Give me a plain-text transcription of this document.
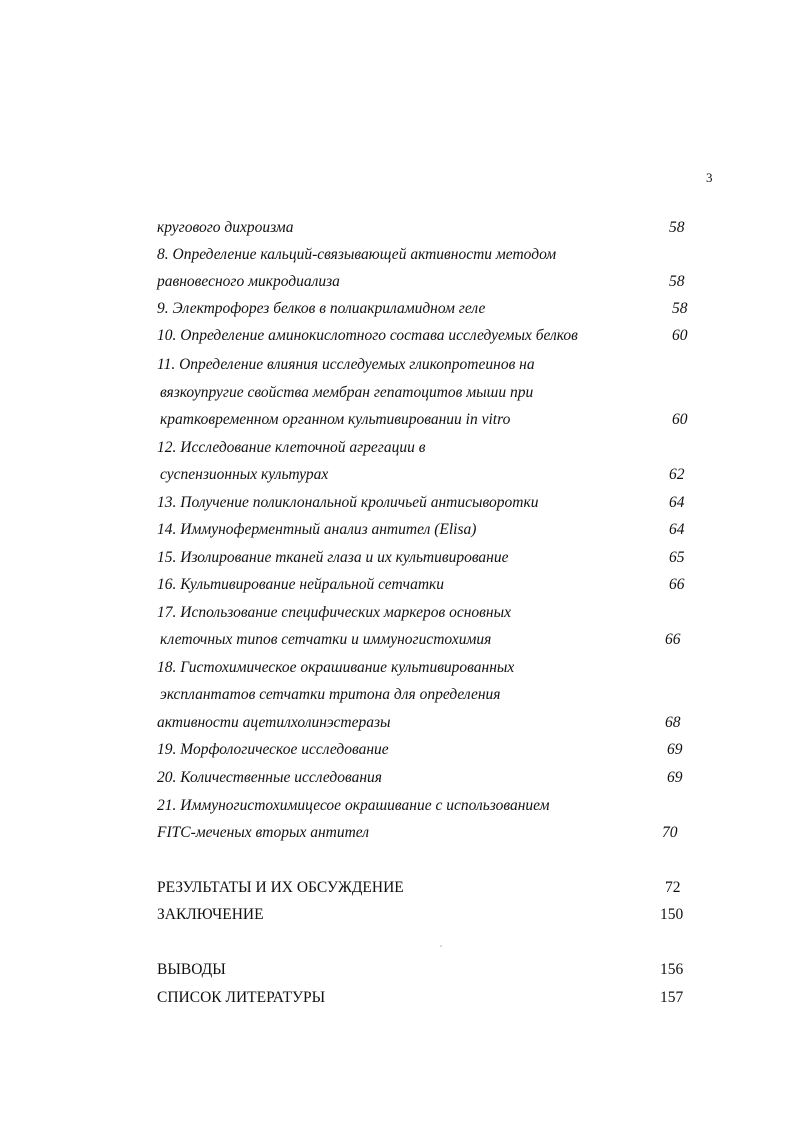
3
кругового дихроизма	58
8. Определение кальций-связывающей активности методом
равновесного микродиализа	58
9. Электрофорез белков в полиакриламидном геле	58
10. Определение аминокислотного состава исследуемых белков	60
11. Определение влияния исследуемых гликопротеинов на
вязкоупругие свойства мембран гепатоцитов мыши при
кратковременном органном культивировании in vitro	60
12. Исследование клеточной агрегации в
суспензионных культурах	62
13. Получение поликлональной кроличьей антисыворотки	64
14. Иммуноферментный анализ антител (Elisa)	64
15. Изолирование тканей глаза и их культивирование	65
16. Культивирование нейральной сетчатки	66
17. Использование специфических маркеров основных
клеточных типов сетчатки и иммуногистохимия	66
18. Гистохимическое окрашивание культивированных
эксплантатов сетчатки тритона для определения
активности ацетилхолинэстеразы	68
19. Морфологическое исследование	69
20. Количественные исследования	69
21. Иммуногистохимицесое окрашивание с использованием
FITC-меченых вторых антител	70
РЕЗУЛЬТАТЫ И ИХ ОБСУЖДЕНИЕ	72
ЗАКЛЮЧЕНИЕ	150
ВЫВОДЫ	156
СПИСОК ЛИТЕРАТУРЫ	157
